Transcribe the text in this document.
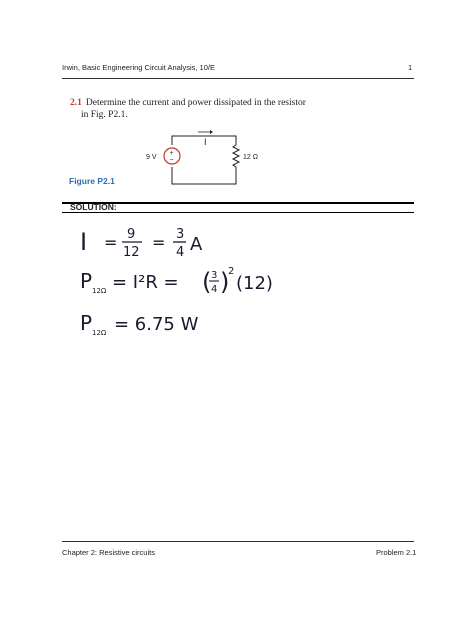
Irwin, Basic Engineering Circuit Analysis, 10/E	1
2.1 Determine the current and power dissipated in the resistor
in Fig. P2.1.
I
+
−
9 V	12 Ω
Figure P2.1
SOLUTION:
I = 9
12
= 3
4 A
P 12Ω = I²R = ( 3
4 )
2
(12)
P 12Ω = 6.75 W
Chapter 2: Resistive circuits	Problem 2.1
